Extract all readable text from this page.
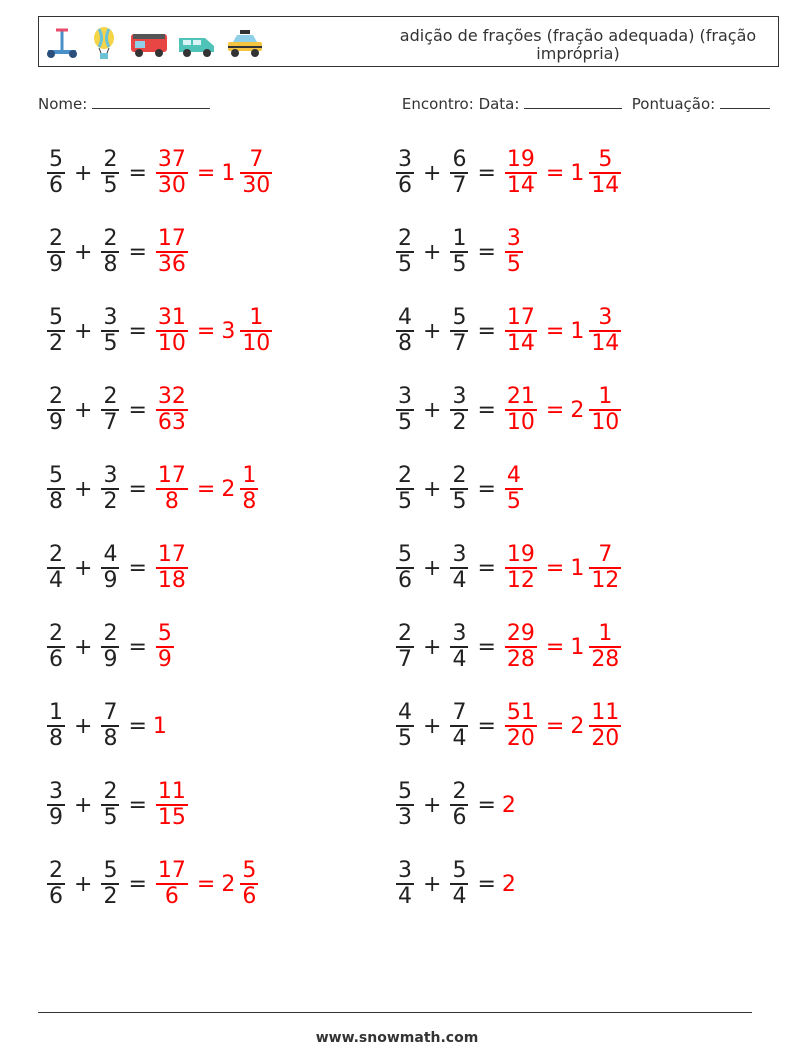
adição de frações (fração adequada) (fração imprópria)
Nome:	Encontro: Data:	Pontuação:
$\frac{5}{6} + \frac{2}{5} = \frac{37}{30} = 1 \frac{7}{30}$	$\frac{3}{6} + \frac{6}{7} = \frac{19}{14} = 1 \frac{5}{14}$
$\frac{2}{9} + \frac{2}{8} = \frac{17}{36}$	$\frac{2}{5} + \frac{1}{5} = \frac{3}{5}$
$\frac{5}{2} + \frac{3}{5} = \frac{31}{10} = 3 \frac{1}{10}$	$\frac{4}{8} + \frac{5}{7} = \frac{17}{14} = 1 \frac{3}{14}$
$\frac{2}{9} + \frac{2}{7} = \frac{32}{63}$	$\frac{3}{5} + \frac{3}{2} = \frac{21}{10} = 2 \frac{1}{10}$
$\frac{5}{8} + \frac{3}{2} = \frac{17}{8} = 2 \frac{1}{8}$	$\frac{2}{5} + \frac{2}{5} = \frac{4}{5}$
$\frac{2}{4} + \frac{4}{9} = \frac{17}{18}$	$\frac{5}{6} + \frac{3}{4} = \frac{19}{12} = 1 \frac{7}{12}$
$\frac{2}{6} + \frac{2}{9} = \frac{5}{9}$	$\frac{2}{7} + \frac{3}{4} = \frac{29}{28} = 1 \frac{1}{28}$
$\frac{1}{8} + \frac{7}{8} = 1$	$\frac{4}{5} + \frac{7}{4} = \frac{51}{20} = 2 \frac{11}{20}$
$\frac{3}{9} + \frac{2}{5} = \frac{11}{15}$	$\frac{5}{3} + \frac{2}{6} = 2$
$\frac{2}{6} + \frac{5}{2} = \frac{17}{6} = 2 \frac{5}{6}$	$\frac{3}{4} + \frac{5}{4} = 2$
www.snowmath.com
